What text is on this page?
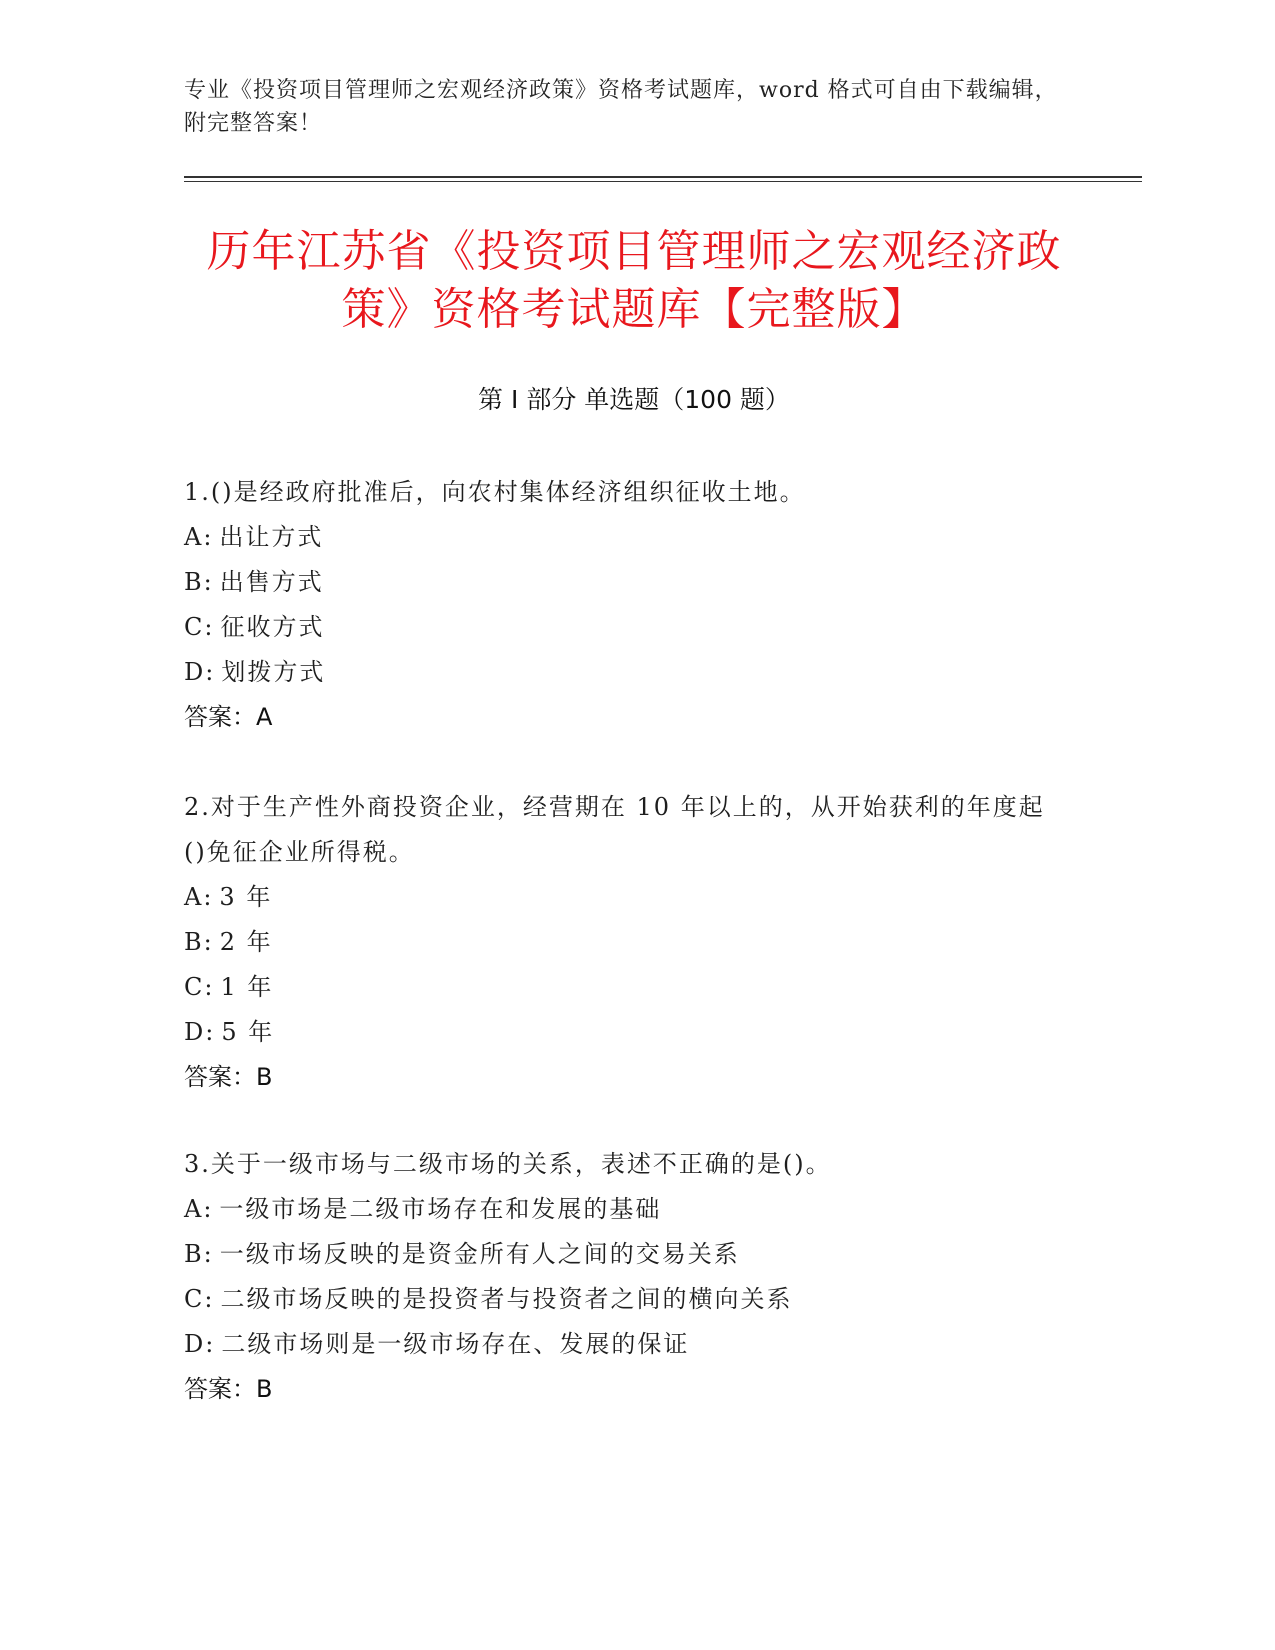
专业《投资项目管理师之宏观经济政策》资格考试题库，word 格式可自由下载编辑，附完整答案！
历年江苏省《投资项目管理师之宏观经济政策》资格考试题库【完整版】
第 I 部分 单选题（100 题）
1.()是经政府批准后，向农村集体经济组织征收土地。
A: 出让方式
B: 出售方式
C: 征收方式
D: 划拨方式
答案：A
2.对于生产性外商投资企业，经营期在 10 年以上的，从开始获利的年度起()免征企业所得税。
A: 3 年
B: 2 年
C: 1 年
D: 5 年
答案：B
3.关于一级市场与二级市场的关系，表述不正确的是()。
A: 一级市场是二级市场存在和发展的基础
B: 一级市场反映的是资金所有人之间的交易关系
C: 二级市场反映的是投资者与投资者之间的横向关系
D: 二级市场则是一级市场存在、发展的保证
答案：B
